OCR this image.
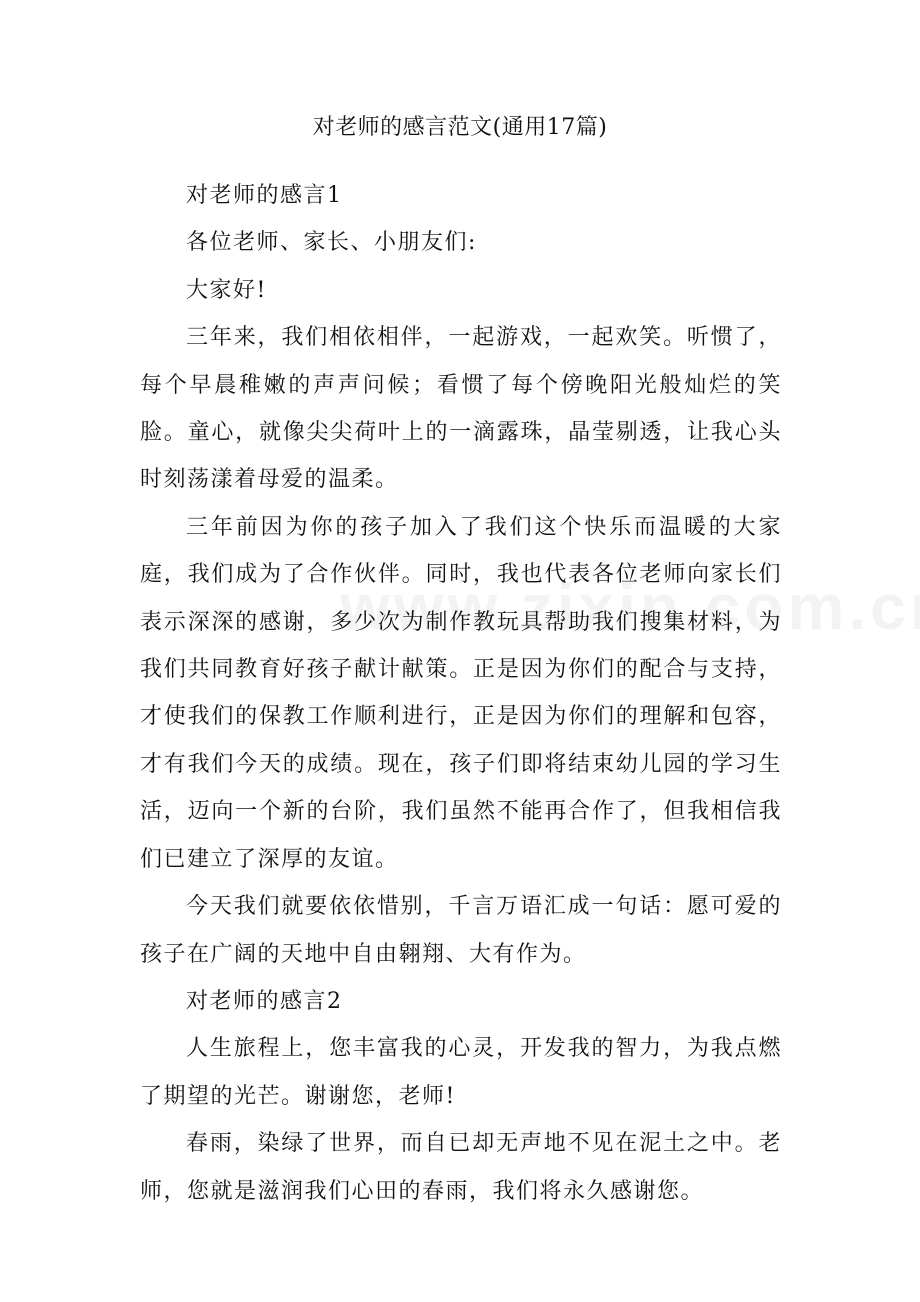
对老师的感言范文(通用17篇)

对老师的感言1

各位老师、家长、小朋友们:

大家好!

三年来，我们相依相伴，一起游戏，一起欢笑。听惯了，每个早晨稚嫩的声声问候；看惯了每个傍晚阳光般灿烂的笑脸。童心，就像尖尖荷叶上的一滴露珠，晶莹剔透，让我心头时刻荡漾着母爱的温柔。

三年前因为你的孩子加入了我们这个快乐而温暖的大家庭，我们成为了合作伙伴。同时，我也代表各位老师向家长们表示深深的感谢，多少次为制作教玩具帮助我们搜集材料，为我们共同教育好孩子献计献策。正是因为你们的配合与支持，才使我们的保教工作顺利进行，正是因为你们的理解和包容，才有我们今天的成绩。现在，孩子们即将结束幼儿园的学习生活，迈向一个新的台阶，我们虽然不能再合作了，但我相信我们已建立了深厚的友谊。

今天我们就要依依惜别，千言万语汇成一句话：愿可爱的孩子在广阔的天地中自由翱翔、大有作为。

对老师的感言2

人生旅程上，您丰富我的心灵，开发我的智力，为我点燃了期望的光芒。谢谢您，老师!

春雨，染绿了世界，而自已却无声地不见在泥土之中。老师，您就是滋润我们心田的春雨，我们将永久感谢您。
